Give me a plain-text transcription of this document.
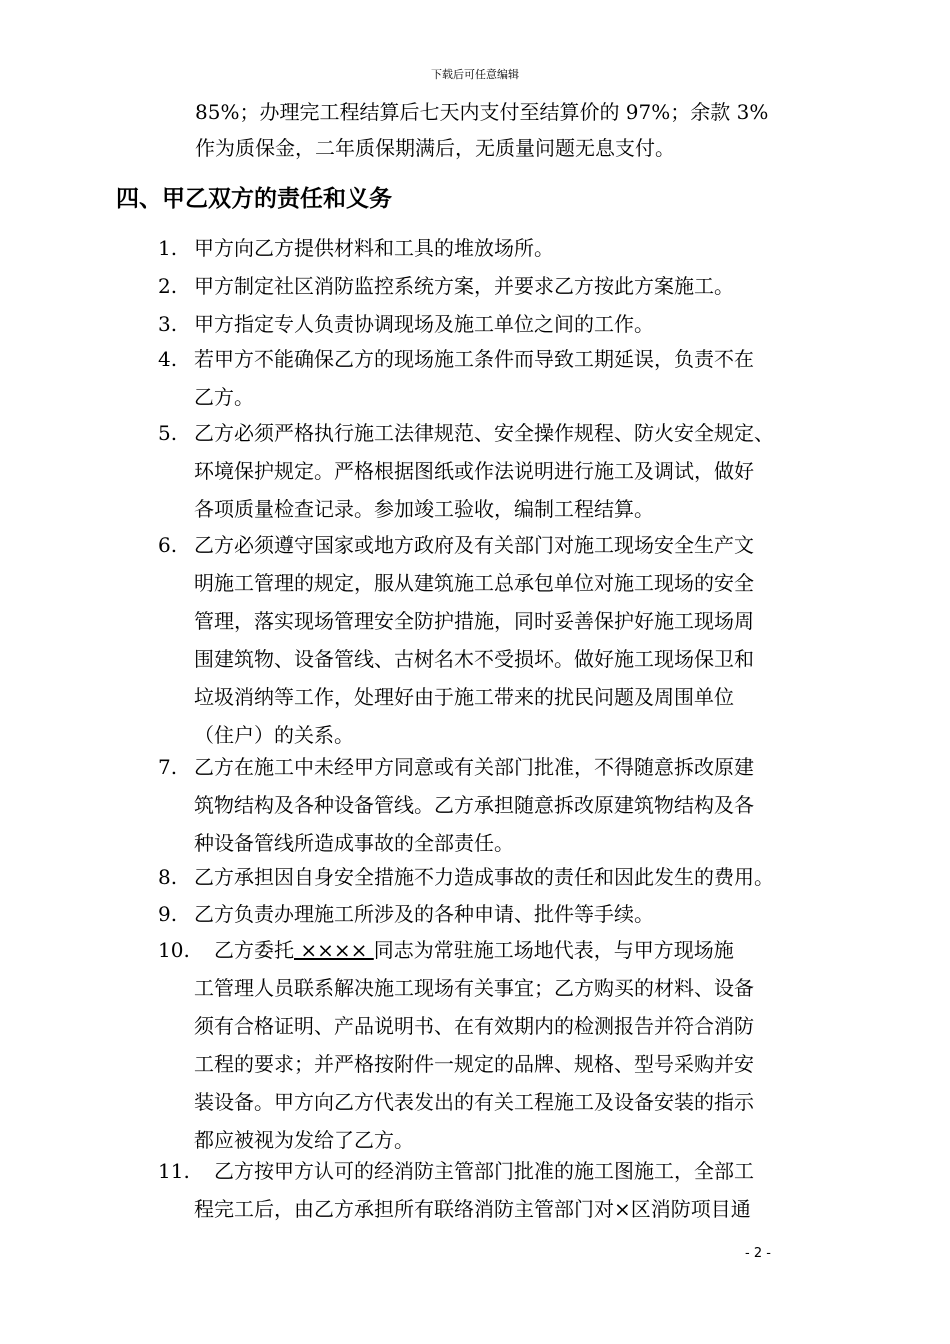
下载后可任意编辑
85%；办理完工程结算后七天内支付至结算价的 97%；余款 3%
作为质保金，二年质保期满后，无质量问题无息支付。
四、甲乙双方的责任和义务
1. 甲方向乙方提供材料和工具的堆放场所。
2. 甲方制定社区消防监控系统方案，并要求乙方按此方案施工。
3. 甲方指定专人负责协调现场及施工单位之间的工作。
4. 若甲方不能确保乙方的现场施工条件而导致工期延误，负责不在
乙方。
5. 乙方必须严格执行施工法律规范、安全操作规程、防火安全规定、
环境保护规定。严格根据图纸或作法说明进行施工及调试，做好
各项质量检查记录。参加竣工验收，编制工程结算。
6. 乙方必须遵守国家或地方政府及有关部门对施工现场安全生产文
明施工管理的规定，服从建筑施工总承包单位对施工现场的安全
管理，落实现场管理安全防护措施，同时妥善保护好施工现场周
围建筑物、设备管线、古树名木不受损坏。做好施工现场保卫和
垃圾消纳等工作，处理好由于施工带来的扰民问题及周围单位
（住户）的关系。
7. 乙方在施工中未经甲方同意或有关部门批准，不得随意拆改原建
筑物结构及各种设备管线。乙方承担随意拆改原建筑物结构及各
种设备管线所造成事故的全部责任。
8. 乙方承担因自身安全措施不力造成事故的责任和因此发生的费用。
9. 乙方负责办理施工所涉及的各种申请、批件等手续。
10.	乙方委托 ×××× 同志为常驻施工场地代表，与甲方现场施
工管理人员联系解决施工现场有关事宜；乙方购买的材料、设备
须有合格证明、产品说明书、在有效期内的检测报告并符合消防
工程的要求；并严格按附件一规定的品牌、规格、型号采购并安
装设备。甲方向乙方代表发出的有关工程施工及设备安装的指示
都应被视为发给了乙方。
11.	乙方按甲方认可的经消防主管部门批准的施工图施工，全部工
程完工后，由乙方承担所有联络消防主管部门对×区消防项目通
- 2 -
